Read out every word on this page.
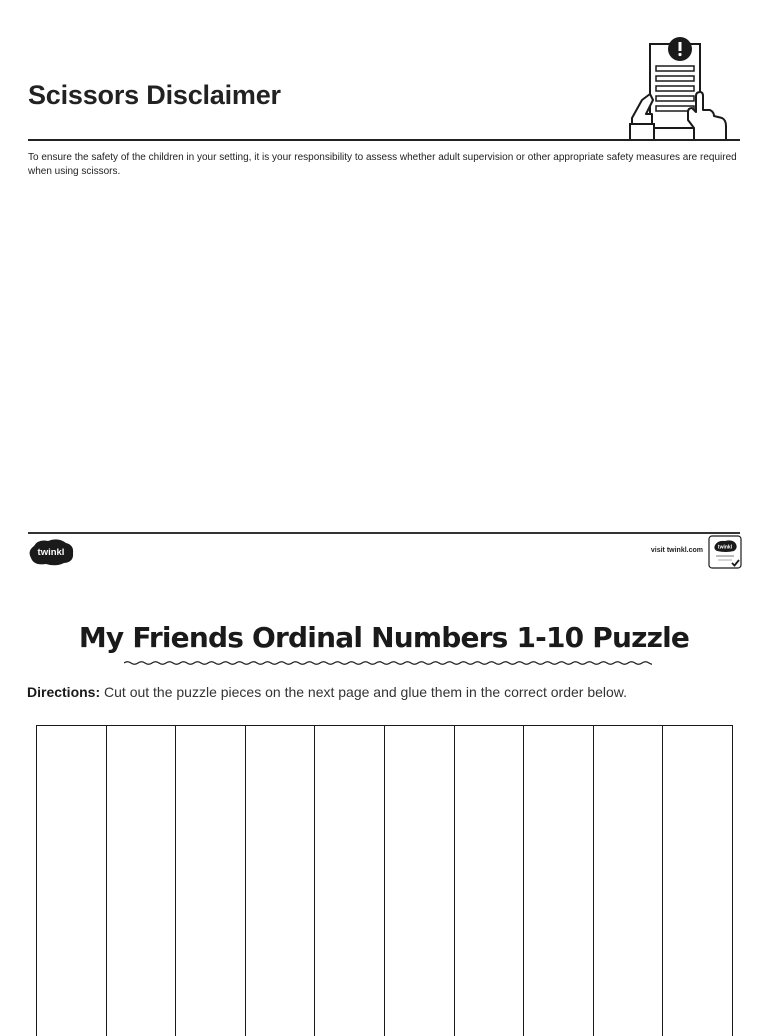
Scissors Disclaimer

To ensure the safety of the children in your setting, it is your responsibility to assess whether adult supervision or other appropriate safety measures are required when using scissors.

twinkl	visit twinkl.com	twinkl
My Friends Ordinal Numbers 1-10 Puzzle

Directions: Cut out the puzzle pieces on the next page and glue them in the correct order below.
